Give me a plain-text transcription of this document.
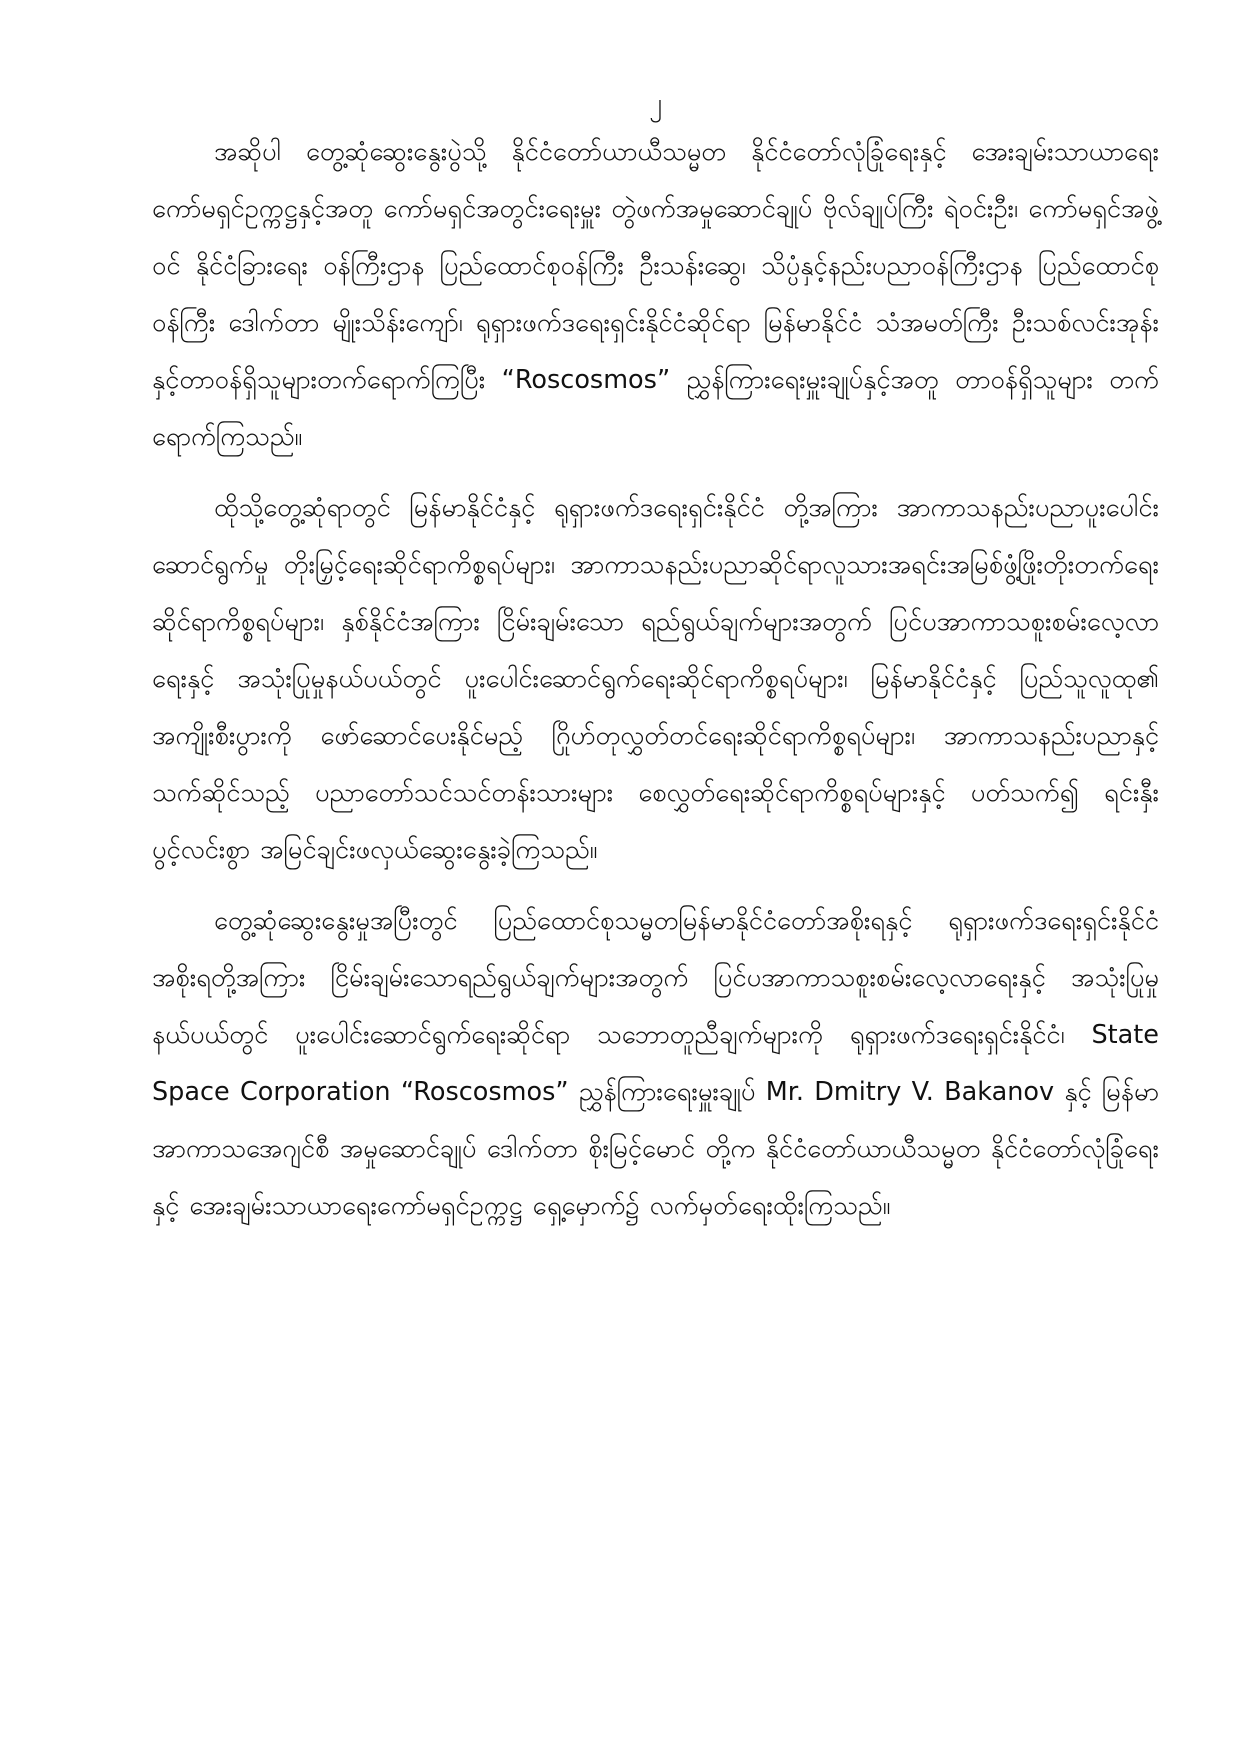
၂

အဆိုပါ တွေ့ဆုံဆွေးနွေးပွဲသို့ နိုင်ငံတော်ယာယီသမ္မတ နိုင်ငံတော်လုံခြုံရေးနှင့် အေးချမ်းသာယာရေး ကော်မရှင်ဥက္ကဋ္ဌနှင့်အတူ ကော်မရှင်အတွင်းရေးမှူး တွဲဖက်အမှုဆောင်ချုပ် ဗိုလ်ချုပ်ကြီး ရဲဝင်းဦး၊ ကော်မရှင်အဖွဲ့ဝင် နိုင်ငံခြားရေး ဝန်ကြီးဌာန ပြည်ထောင်စုဝန်ကြီး ဦးသန်းဆွေ၊ သိပ္ပံနှင့်နည်းပညာဝန်ကြီးဌာန ပြည်ထောင်စုဝန်ကြီး ဒေါက်တာ မျိုးသိန်းကျော်၊ ရုရှားဖက်ဒရေးရှင်းနိုင်ငံဆိုင်ရာ မြန်မာနိုင်ငံ သံအမတ်ကြီး ဦးသစ်လင်းအုန်းနှင့်တာဝန်ရှိသူများတက်ရောက်ကြပြီး “Roscosmos” ညွှန်ကြားရေးမှူးချုပ်နှင့်အတူ တာဝန်ရှိသူများ တက်ရောက်ကြသည်။

ထိုသို့တွေ့ဆုံရာတွင် မြန်မာနိုင်ငံနှင့် ရုရှားဖက်ဒရေးရှင်းနိုင်ငံ တို့အကြား အာကာသနည်းပညာပူးပေါင်းဆောင်ရွက်မှု တိုးမြှင့်ရေးဆိုင်ရာကိစ္စရပ်များ၊ အာကာသနည်းပညာဆိုင်ရာလူသားအရင်းအမြစ်ဖွံ့ဖြိုးတိုးတက်ရေးဆိုင်ရာကိစ္စရပ်များ၊ နှစ်နိုင်ငံအကြား ငြိမ်းချမ်းသော ရည်ရွယ်ချက်များအတွက် ပြင်ပအာကာသစူးစမ်းလေ့လာရေးနှင့် အသုံးပြုမှုနယ်ပယ်တွင် ပူးပေါင်းဆောင်ရွက်ရေးဆိုင်ရာကိစ္စရပ်များ၊ မြန်မာနိုင်ငံနှင့် ပြည်သူလူထု၏ အကျိုးစီးပွားကို ဖော်ဆောင်ပေးနိုင်မည့် ဂြိုဟ်တုလွှတ်တင်ရေးဆိုင်ရာကိစ္စရပ်များ၊ အာကာသနည်းပညာနှင့် သက်ဆိုင်သည့် ပညာတော်သင်သင်တန်းသားများ စေလွှတ်ရေးဆိုင်ရာကိစ္စရပ်များနှင့် ပတ်သက်၍ ရင်းနှီးပွင့်လင်းစွာ အမြင်ချင်းဖလှယ်ဆွေးနွေးခဲ့ကြသည်။

တွေ့ဆုံဆွေးနွေးမှုအပြီးတွင် ပြည်ထောင်စုသမ္မတမြန်မာနိုင်ငံတော်အစိုးရနှင့် ရုရှားဖက်ဒရေးရှင်းနိုင်ငံ အစိုးရတို့အကြား ငြိမ်းချမ်းသောရည်ရွယ်ချက်များအတွက် ပြင်ပအာကာသစူးစမ်းလေ့လာရေးနှင့် အသုံးပြုမှုနယ်ပယ်တွင် ပူးပေါင်းဆောင်ရွက်ရေးဆိုင်ရာ သဘောတူညီချက်များကို ရုရှားဖက်ဒရေးရှင်းနိုင်ငံ၊ State Space Corporation “Roscosmos” ညွှန်ကြားရေးမှူးချုပ် Mr. Dmitry V. Bakanov နှင့် မြန်မာအာကာသအေဂျင်စီ အမှုဆောင်ချုပ် ဒေါက်တာ စိုးမြင့်မောင် တို့က နိုင်ငံတော်ယာယီသမ္မတ နိုင်ငံတော်လုံခြုံရေးနှင့် အေးချမ်းသာယာရေးကော်မရှင်ဥက္ကဋ္ဌ ရှေ့မှောက်၌ လက်မှတ်ရေးထိုးကြသည်။
